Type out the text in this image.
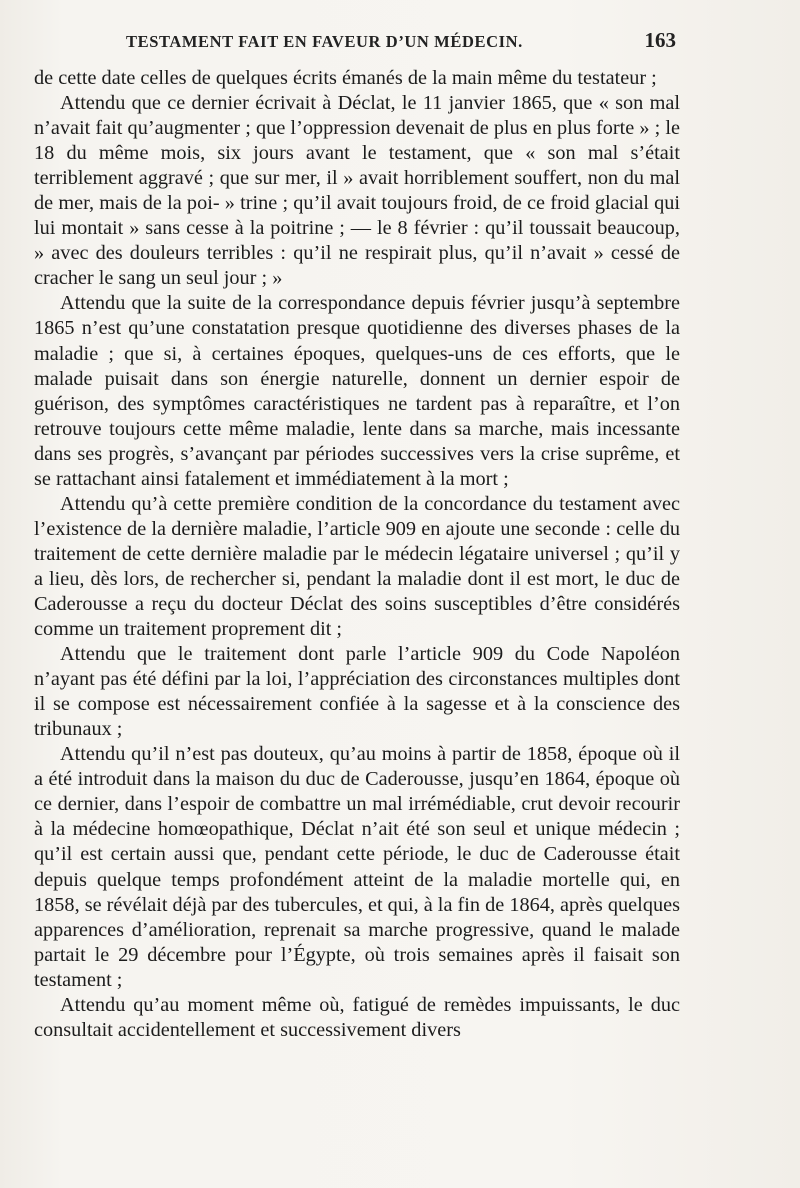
TESTAMENT FAIT EN FAVEUR D’UN MÉDECIN.	163

de cette date celles de quelques écrits émanés de la main même du testateur ;

Attendu que ce dernier écrivait à Déclat, le 11 janvier 1865, que « son mal n’avait fait qu’augmenter ; que l’oppression devenait de plus en plus forte » ; le 18 du même mois, six jours avant le testament, que « son mal s’était terriblement aggravé ; que sur mer, il » avait horriblement souffert, non du mal de mer, mais de la poi- » trine ; qu’il avait toujours froid, de ce froid glacial qui lui montait » sans cesse à la poitrine ; — le 8 février : qu’il toussait beaucoup, » avec des douleurs terribles : qu’il ne respirait plus, qu’il n’avait » cessé de cracher le sang un seul jour ; »

Attendu que la suite de la correspondance depuis février jusqu’à septembre 1865 n’est qu’une constatation presque quotidienne des diverses phases de la maladie ; que si, à certaines époques, quelques-uns de ces efforts, que le malade puisait dans son énergie naturelle, donnent un dernier espoir de guérison, des symptômes caractéristiques ne tardent pas à reparaître, et l’on retrouve toujours cette même maladie, lente dans sa marche, mais incessante dans ses progrès, s’avançant par périodes successives vers la crise suprême, et se rattachant ainsi fatalement et immédiatement à la mort ;

Attendu qu’à cette première condition de la concordance du testament avec l’existence de la dernière maladie, l’article 909 en ajoute une seconde : celle du traitement de cette dernière maladie par le médecin légataire universel ; qu’il y a lieu, dès lors, de rechercher si, pendant la maladie dont il est mort, le duc de Caderousse a reçu du docteur Déclat des soins susceptibles d’être considérés comme un traitement proprement dit ;

Attendu que le traitement dont parle l’article 909 du Code Napoléon n’ayant pas été défini par la loi, l’appréciation des circonstances multiples dont il se compose est nécessairement confiée à la sagesse et à la conscience des tribunaux ;

Attendu qu’il n’est pas douteux, qu’au moins à partir de 1858, époque où il a été introduit dans la maison du duc de Caderousse, jusqu’en 1864, époque où ce dernier, dans l’espoir de combattre un mal irrémédiable, crut devoir recourir à la médecine homœopathique, Déclat n’ait été son seul et unique médecin ; qu’il est certain aussi que, pendant cette période, le duc de Caderousse était depuis quelque temps profondément atteint de la maladie mortelle qui, en 1858, se révélait déjà par des tubercules, et qui, à la fin de 1864, après quelques apparences d’amélioration, reprenait sa marche progressive, quand le malade partait le 29 décembre pour l’Égypte, où trois semaines après il faisait son testament ;

Attendu qu’au moment même où, fatigué de remèdes impuissants, le duc consultait accidentellement et successivement divers
